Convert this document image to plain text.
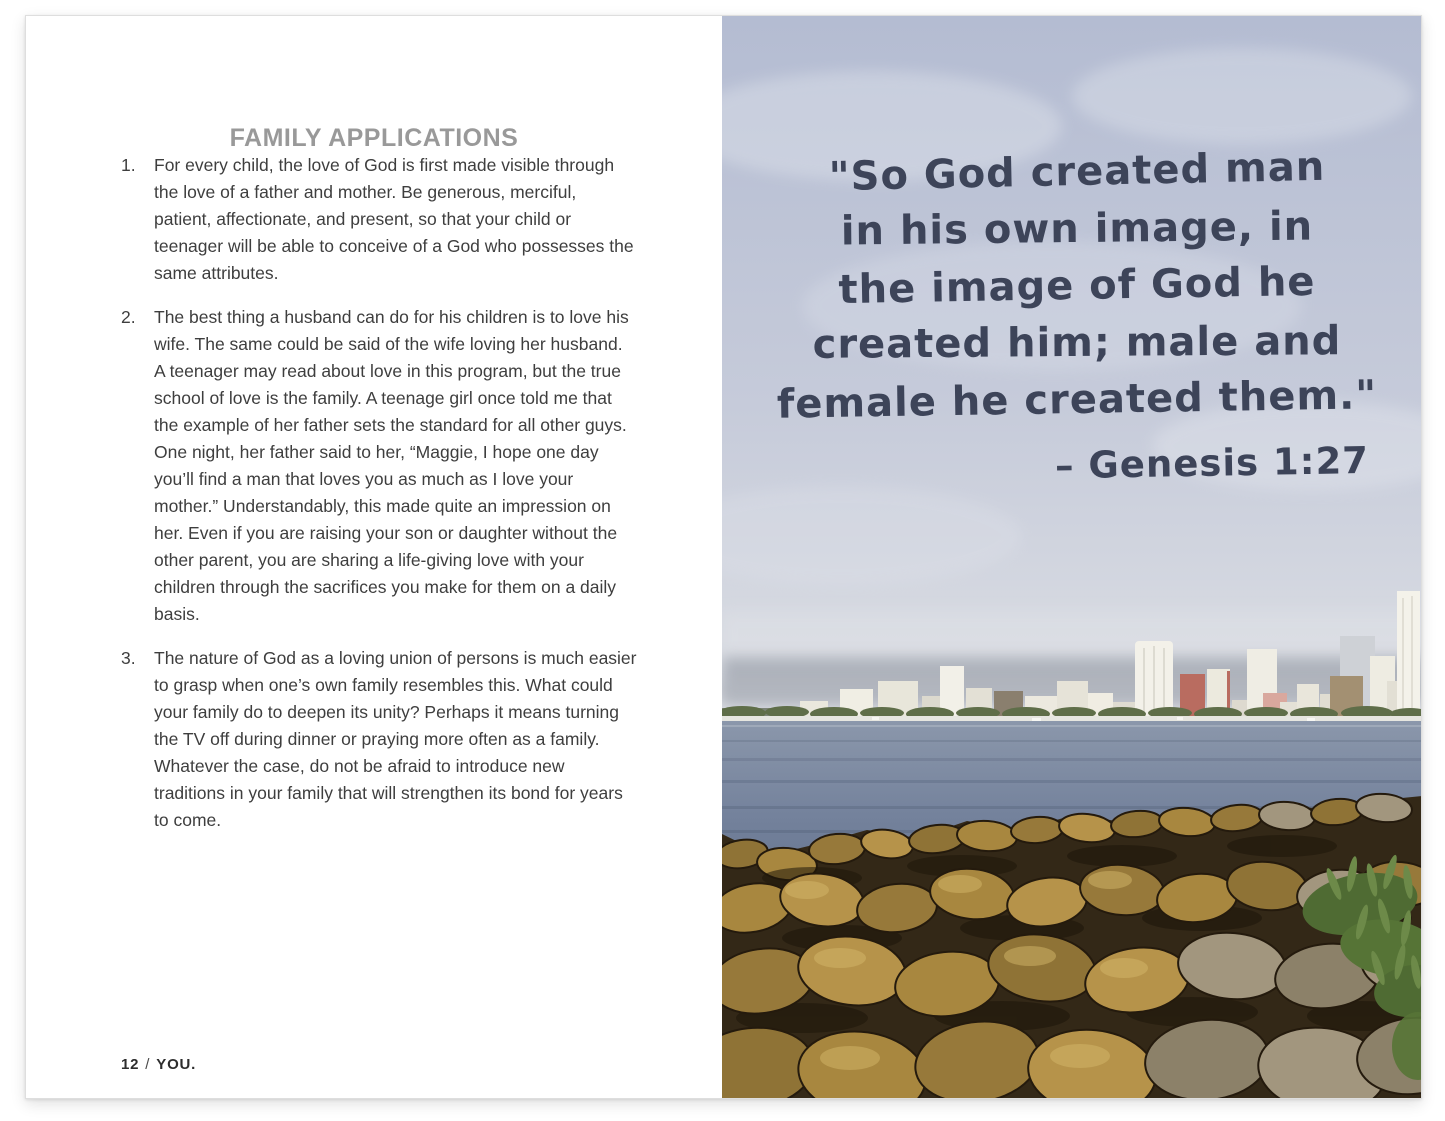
FAMILY APPLICATIONS
1.	For every child, the love of God is first made visible through the love of a father and mother. Be generous, merciful, patient, affectionate, and present, so that your child or teenager will be able to conceive of a God who possesses the same attributes.
2.	The best thing a husband can do for his children is to love his wife. The same could be said of the wife loving her husband. A teenager may read about love in this program, but the true school of love is the family. A teenage girl once told me that the example of her father sets the standard for all other guys. One night, her father said to her, “Maggie, I hope one day you’ll find a man that loves you as much as I love your mother.” Understandably, this made quite an impression on her. Even if you are raising your son or daughter without the other parent, you are sharing a life-giving love with your children through the sacrifices you make for them on a daily basis.
3.	The nature of God as a loving union of persons is much easier to grasp when one’s own family resembles this. What could your family do to deepen its unity? Perhaps it means turning the TV off during dinner or praying more often as a family. Whatever the case, do not be afraid to introduce new traditions in your family that will strengthen its bond for years to come.
12 / YOU.
"So God created man
in his own image, in
the image of God he
created him; male and
female he created them."
– Genesis 1:27
